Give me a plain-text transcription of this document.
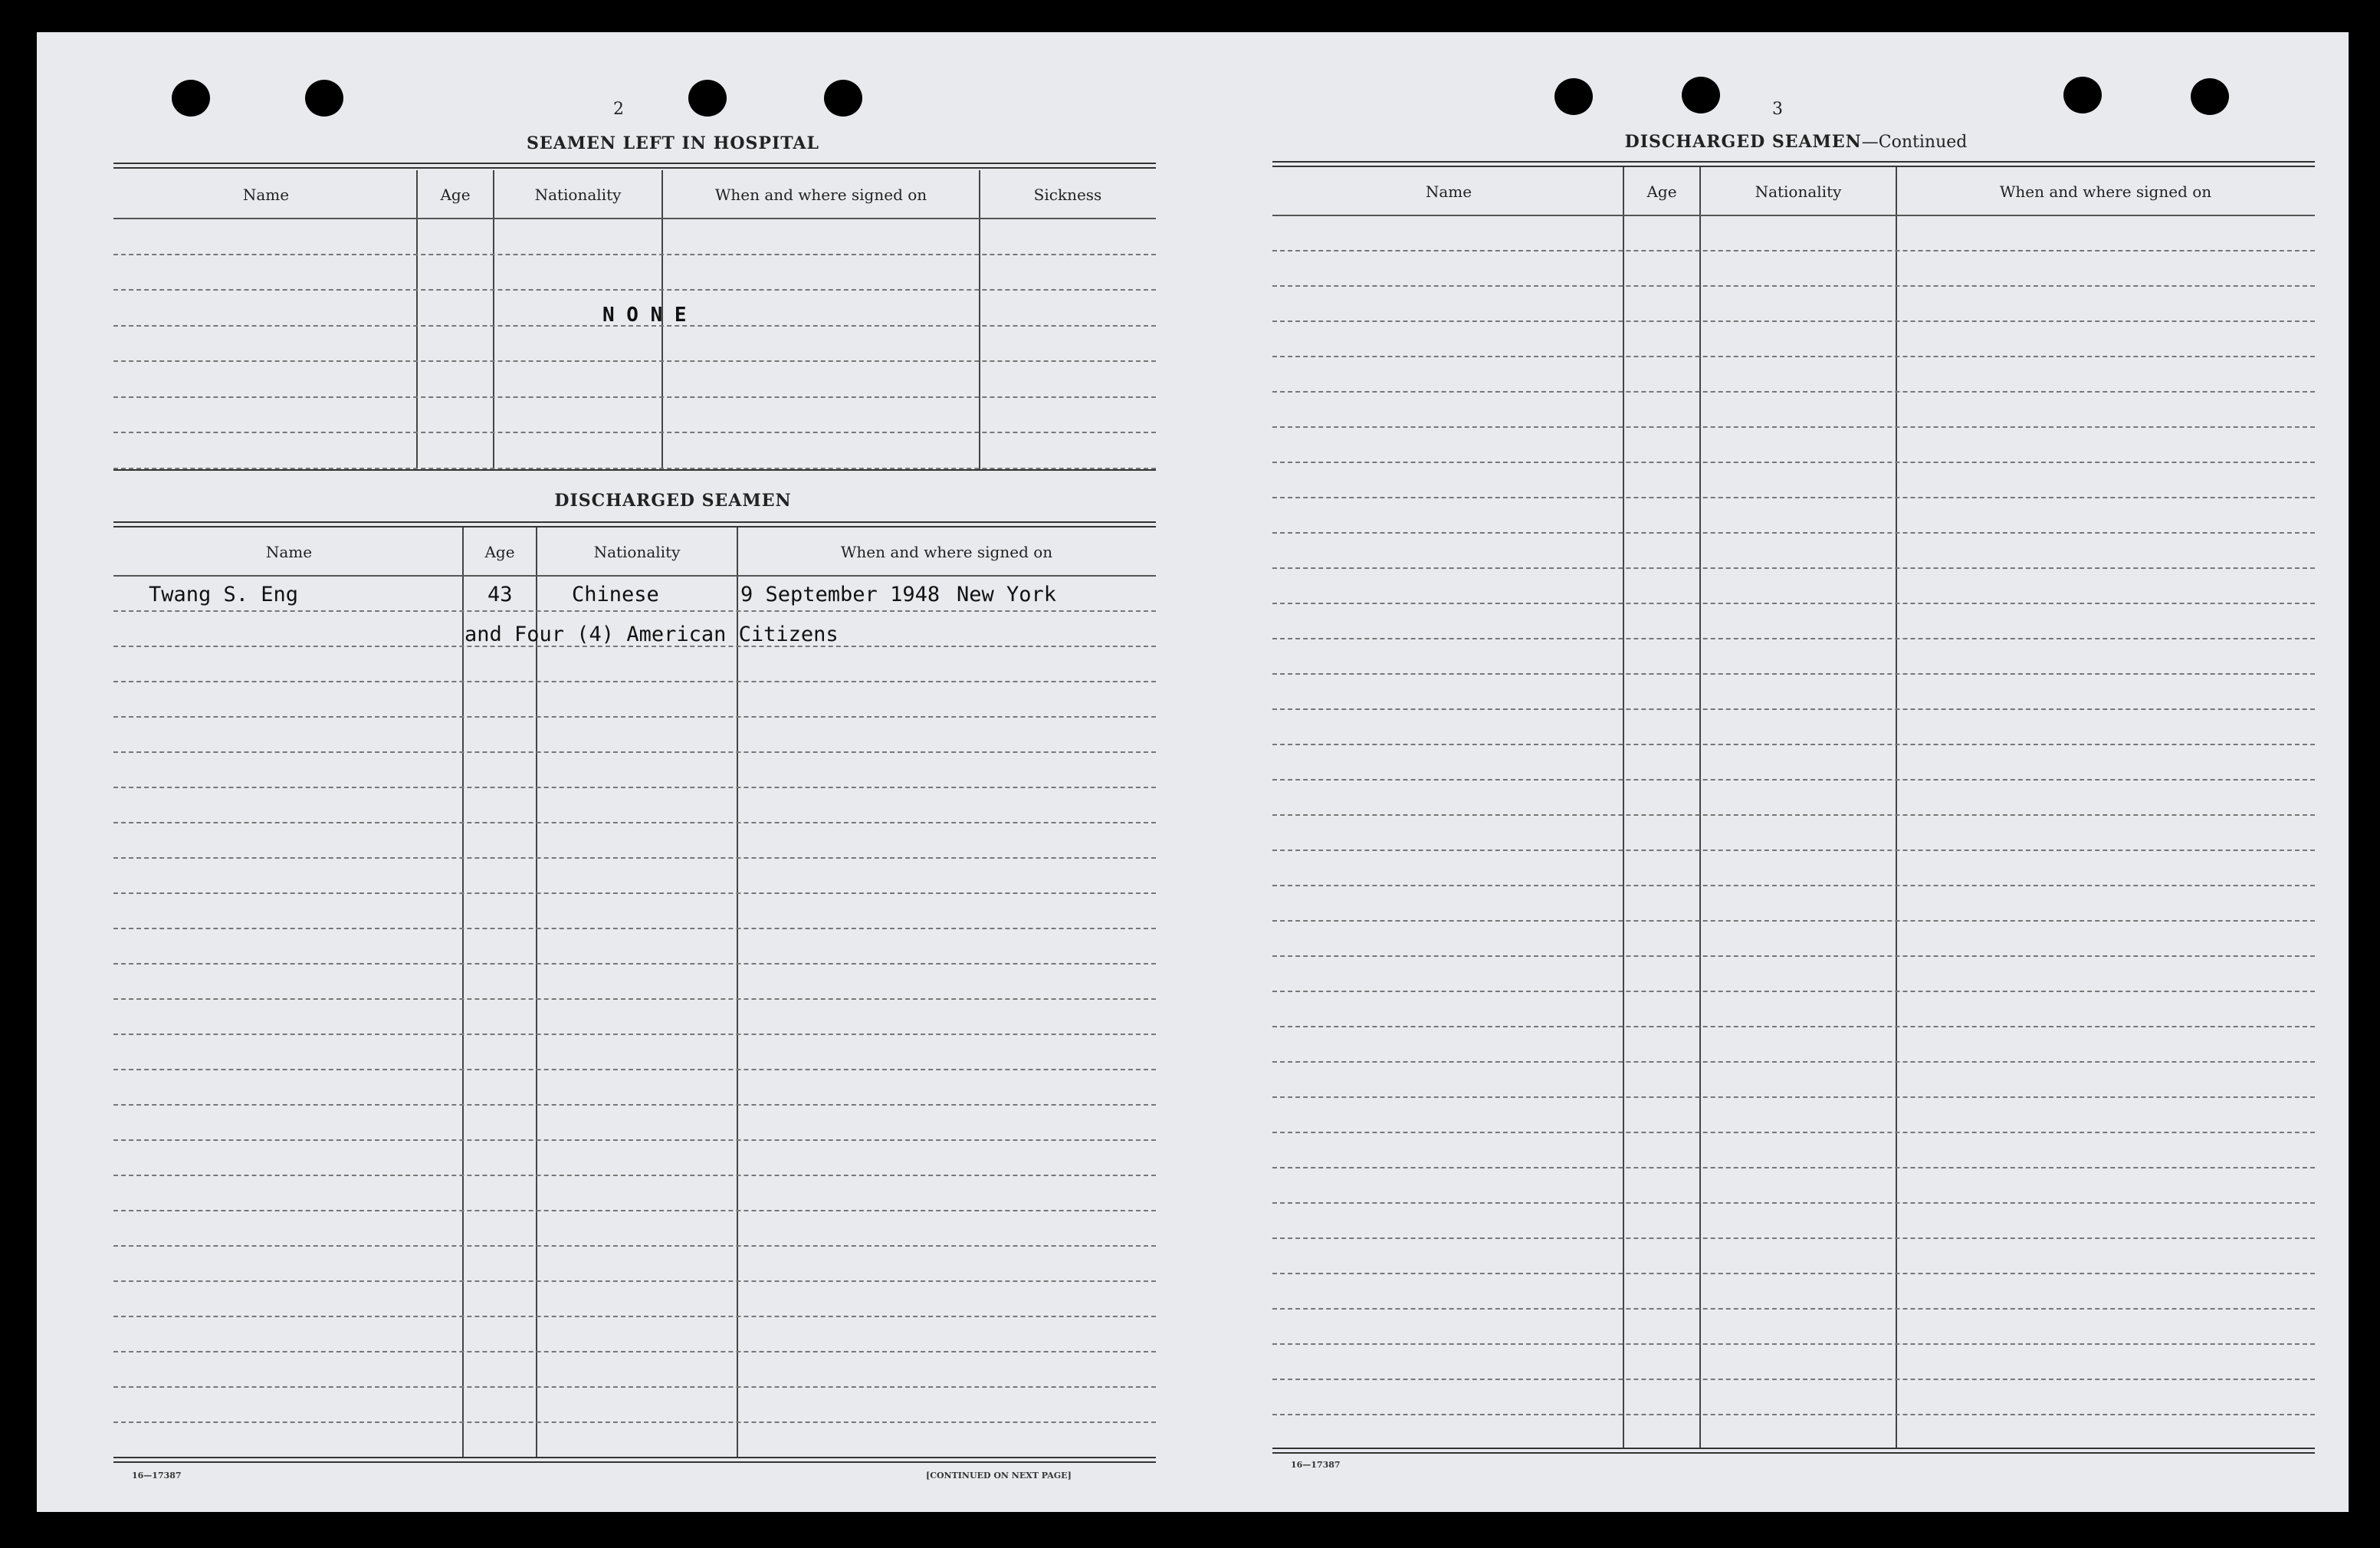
2
SEAMEN LEFT IN HOSPITAL
Name	Age	Nationality	When and where signed on	Sickness
N O N E
DISCHARGED SEAMEN
Name	Age	Nationality	When and where signed on
Twang S. Eng	43	Chinese	9 September 1948 New York
and Four (4) American Citizens
16—17387	[CONTINUED ON NEXT PAGE]
3
DISCHARGED SEAMEN—Continued
Name	Age	Nationality	When and where signed on
16—17387
